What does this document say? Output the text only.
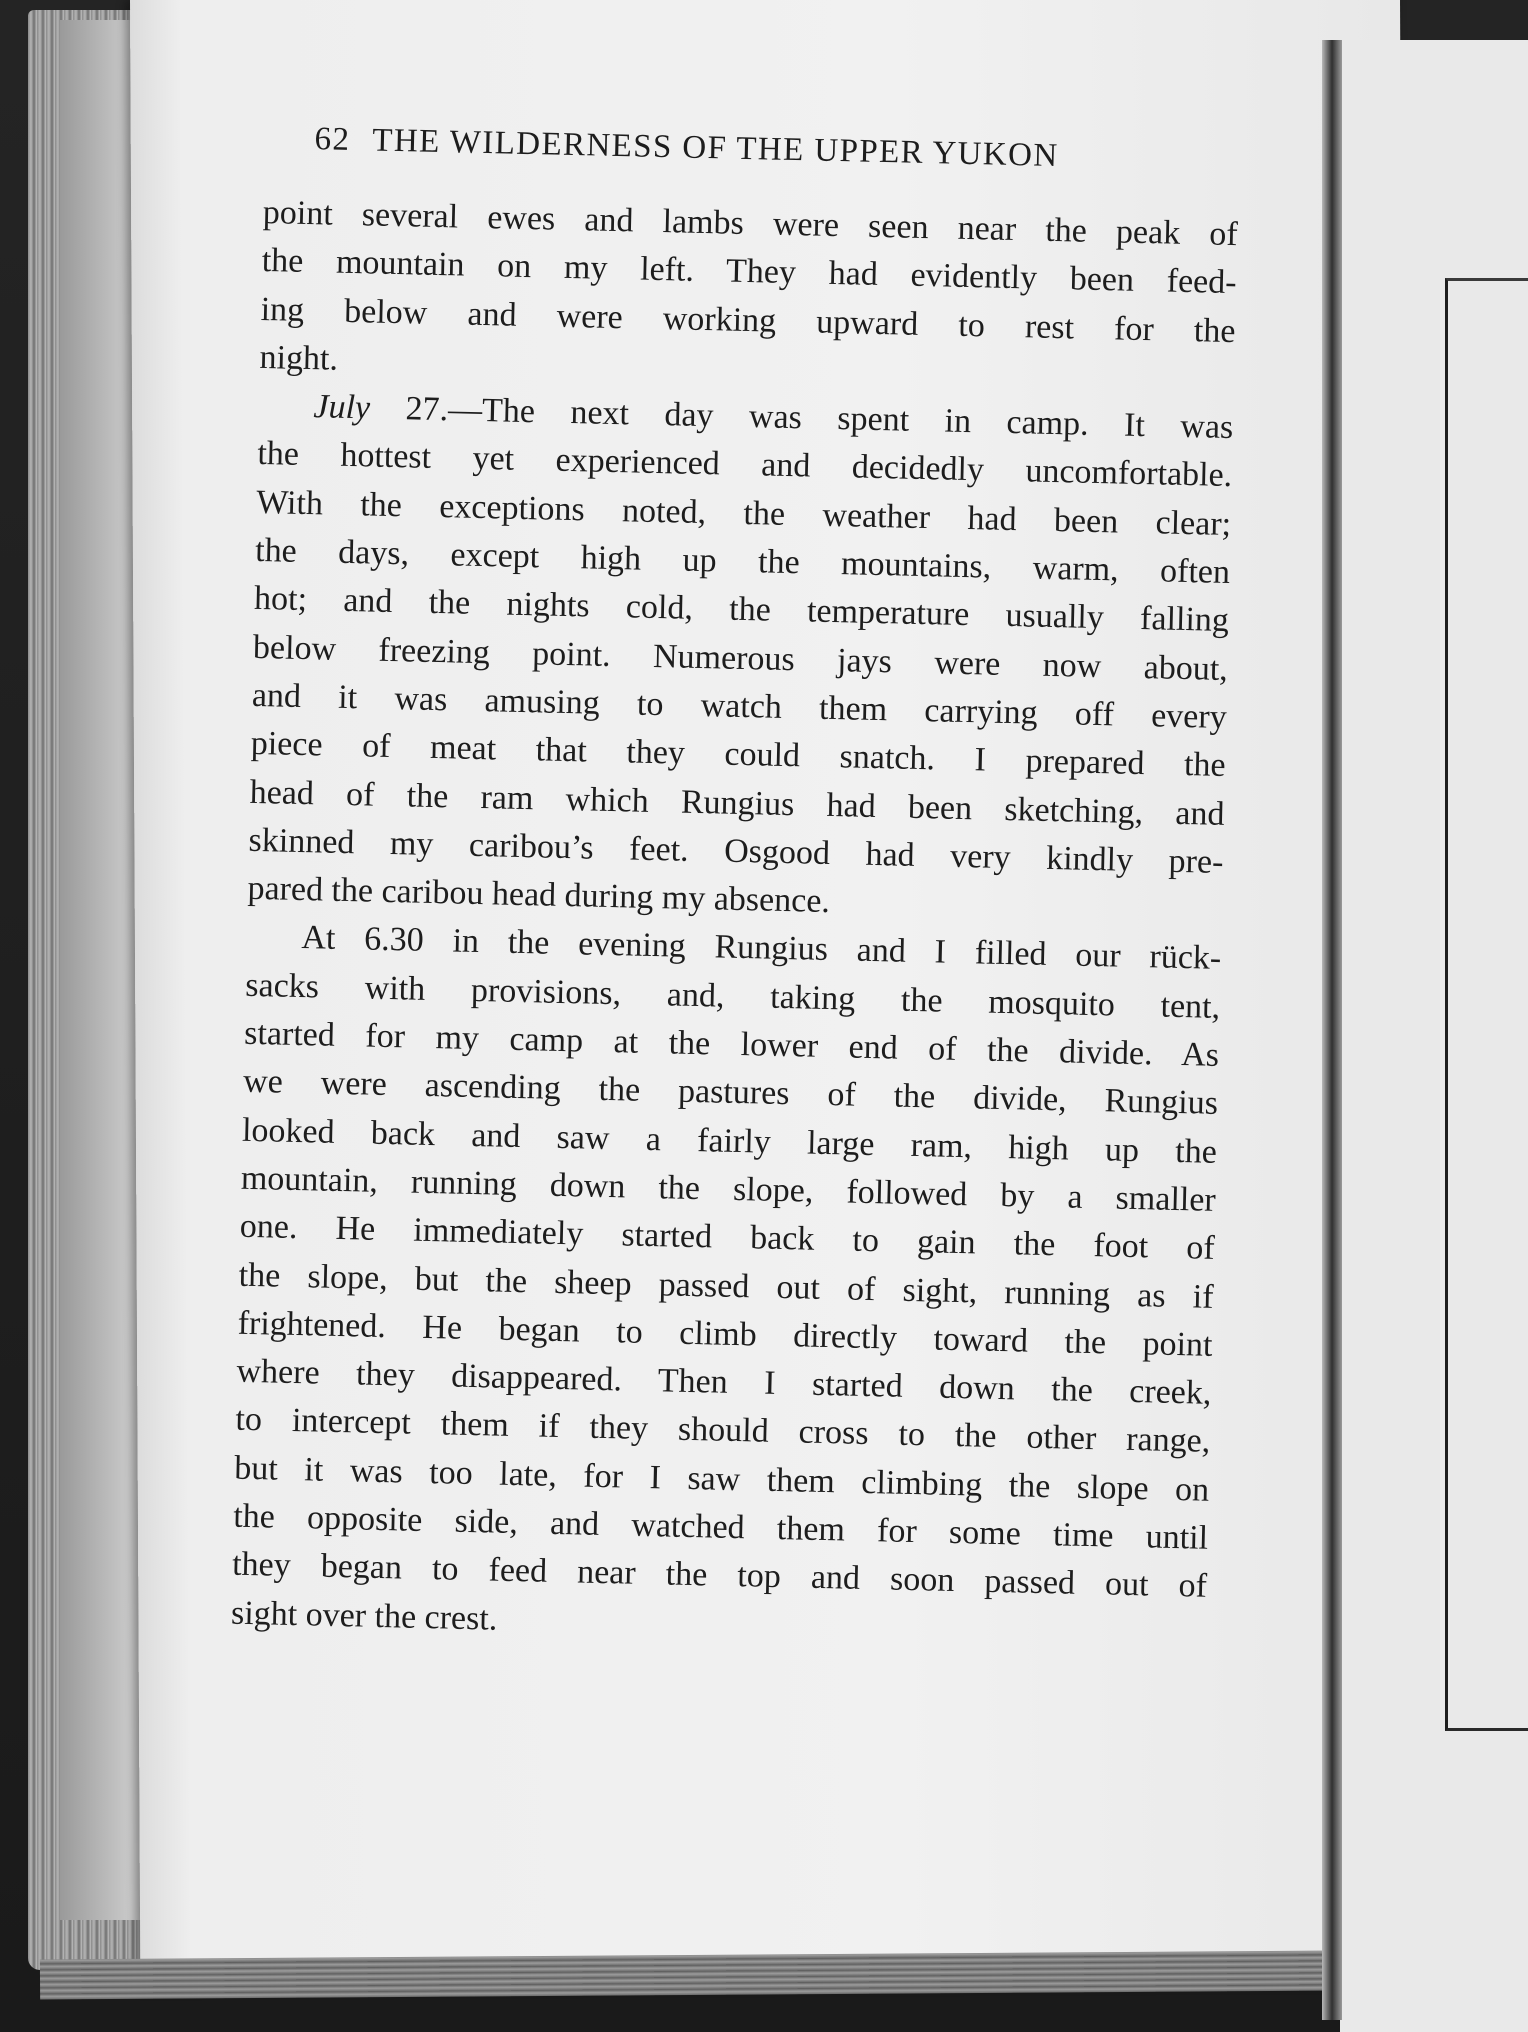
62 THE WILDERNESS OF THE UPPER YUKON
point several ewes and lambs were seen near the peak of
the mountain on my left. They had evidently been feed-
ing below and were working upward to rest for the
night.
July 27.—The next day was spent in camp. It was
the hottest yet experienced and decidedly uncomfortable.
With the exceptions noted, the weather had been clear;
the days, except high up the mountains, warm, often
hot; and the nights cold, the temperature usually falling
below freezing point. Numerous jays were now about,
and it was amusing to watch them carrying off every
piece of meat that they could snatch. I prepared the
head of the ram which Rungius had been sketching, and
skinned my caribou’s feet. Osgood had very kindly pre-
pared the caribou head during my absence.
At 6.30 in the evening Rungius and I filled our rück-
sacks with provisions, and, taking the mosquito tent,
started for my camp at the lower end of the divide. As
we were ascending the pastures of the divide, Rungius
looked back and saw a fairly large ram, high up the
mountain, running down the slope, followed by a smaller
one. He immediately started back to gain the foot of
the slope, but the sheep passed out of sight, running as if
frightened. He began to climb directly toward the point
where they disappeared. Then I started down the creek,
to intercept them if they should cross to the other range,
but it was too late, for I saw them climbing the slope on
the opposite side, and watched them for some time until
they began to feed near the top and soon passed out of
sight over the crest.
